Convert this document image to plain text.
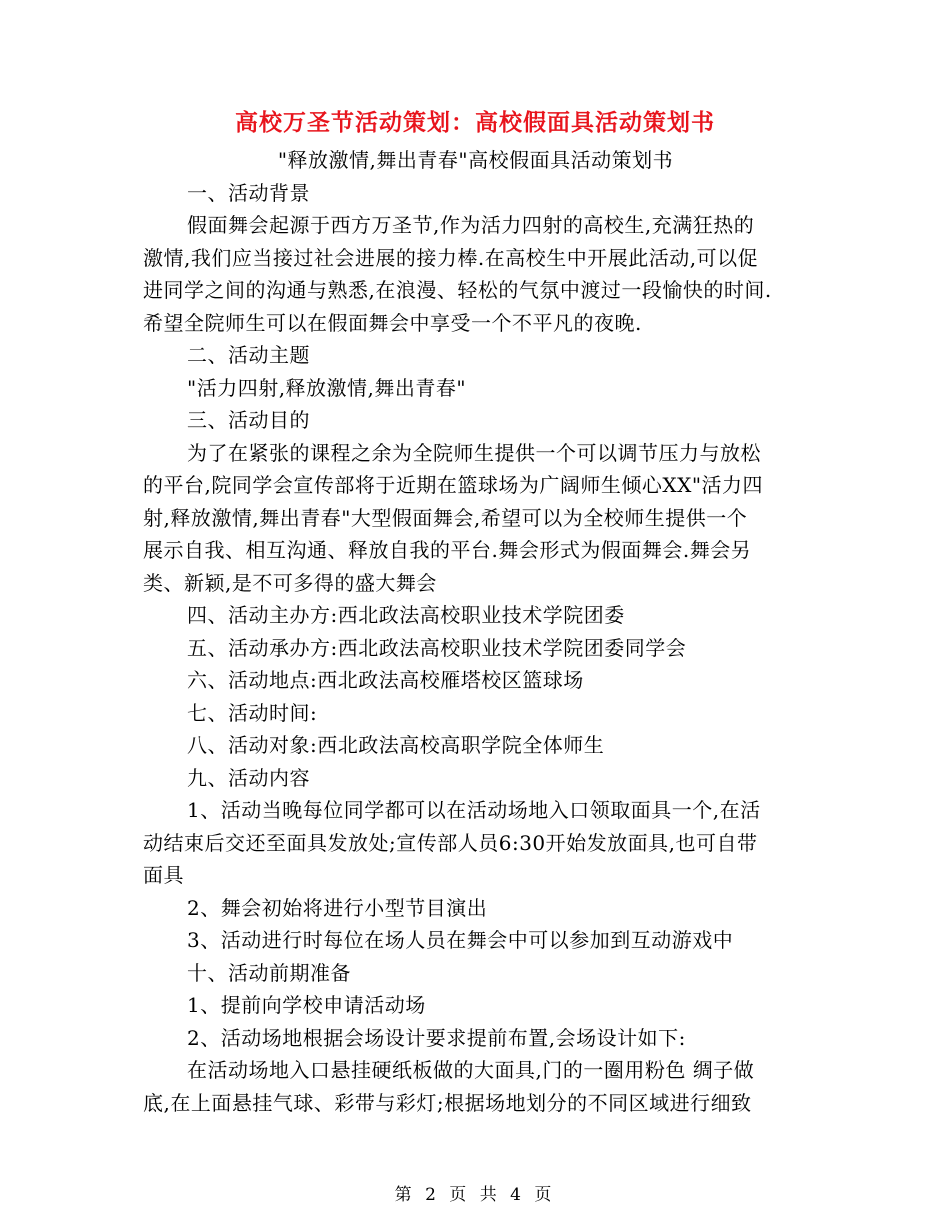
高校万圣节活动策划：高校假面具活动策划书
"释放激情,舞出青春"高校假面具活动策划书
一、活动背景
假面舞会起源于西方万圣节,作为活力四射的高校生,充满狂热的
激情,我们应当接过社会进展的接力棒.在高校生中开展此活动,可以促
进同学之间的沟通与熟悉,在浪漫、轻松的气氛中渡过一段愉快的时间.
希望全院师生可以在假面舞会中享受一个不平凡的夜晚.
二、活动主题
"活力四射,释放激情,舞出青春"
三、活动目的
为了在紧张的课程之余为全院师生提供一个可以调节压力与放松
的平台,院同学会宣传部将于近期在篮球场为广阔师生倾心XX"活力四
射,释放激情,舞出青春"大型假面舞会,希望可以为全校师生提供一个
展示自我、相互沟通、释放自我的平台.舞会形式为假面舞会.舞会另
类、新颖,是不可多得的盛大舞会
四、活动主办方:西北政法高校职业技术学院团委
五、活动承办方:西北政法高校职业技术学院团委同学会
六、活动地点:西北政法高校雁塔校区篮球场
七、活动时间:
八、活动对象:西北政法高校高职学院全体师生
九、活动内容
1、活动当晚每位同学都可以在活动场地入口领取面具一个,在活
动结束后交还至面具发放处;宣传部人员6:30开始发放面具,也可自带
面具
2、舞会初始将进行小型节目演出
3、活动进行时每位在场人员在舞会中可以参加到互动游戏中
十、活动前期准备
1、提前向学校申请活动场
2、活动场地根据会场设计要求提前布置,会场设计如下:
在活动场地入口悬挂硬纸板做的大面具,门的一圈用粉色 绸子做
底,在上面悬挂气球、彩带与彩灯;根据场地划分的不同区域进行细致
第 2 页 共 4 页
